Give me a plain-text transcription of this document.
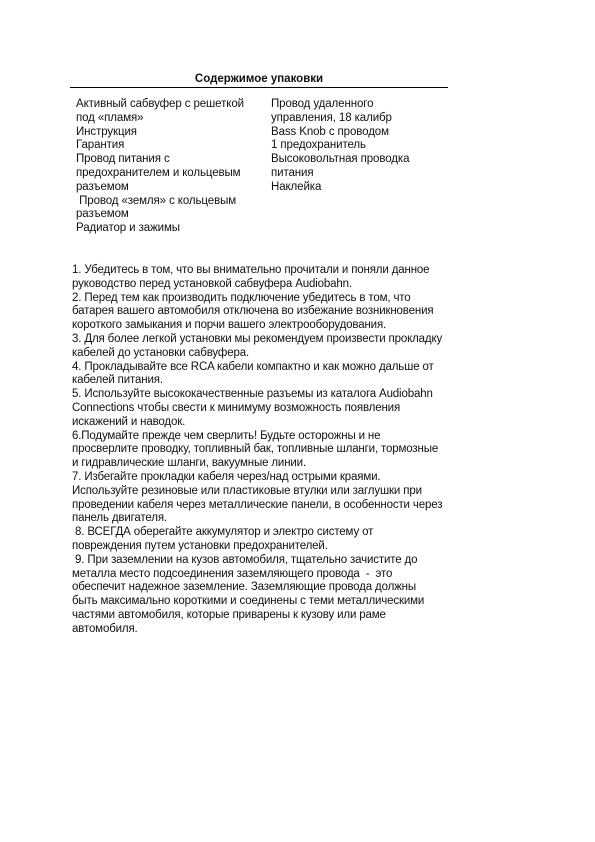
Содержимое упаковки
Активный сабвуфер с решеткой под «пламя»
Инструкция
Гарантия
Провод питания с предохранителем и кольцевым разъемом
Провод «земля» с кольцевым разъемом
Радиатор и зажимы
Провод удаленного управления, 18 калибр
Bass Knob с проводом
1 предохранитель
Высоковольтная проводка питания
Наклейка

1. Убедитесь в том, что вы внимательно прочитали и поняли данное руководство перед установкой сабвуфера Audiobahn.

2. Перед тем как производить подключение убедитесь в том, что батарея вашего автомобиля отключена во избежание возникновения короткого замыкания и порчи вашего электрооборудования.

3. Для более легкой установки мы рекомендуем произвести прокладку кабелей до установки сабвуфера.

4. Прокладывайте все RCA кабели компактно и как можно дальше от кабелей питания.

5. Используйте высококачественные разъемы из каталога Audiobahn Connections чтобы свести к минимуму возможность появления искажений и наводок.

6.Подумайте прежде чем сверлить! Будьте осторожны и не просверлите проводку, топливный бак, топливные шланги, тормозные и гидравлические шланги, вакуумные линии.

7. Избегайте прокладки кабеля через/над острыми краями. Используйте резиновые или пластиковые втулки или заглушки при проведении кабеля через металлические панели, в особенности через панель двигателя.

8. ВСЕГДА оберегайте аккумулятор и электро систему от повреждения путем установки предохранителей.

9. При заземлении на кузов автомобиля, тщательно зачистите до металла место подсоединения заземляющего провода  -  это обеспечит надежное заземление. Заземляющие провода должны быть максимально короткими и соединены с теми металлическими частями автомобиля, которые приварены к кузову или раме автомобиля.
